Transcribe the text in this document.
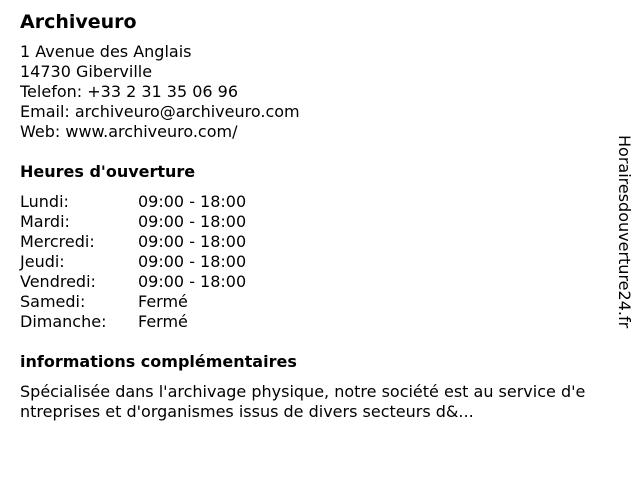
Archiveuro
1 Avenue des Anglais
14730 Giberville
Telefon: +33 2 31 35 06 96
Email: archiveuro@archiveuro.com
Web: www.archiveuro.com/
Heures d'ouverture
Lundi:	09:00 - 18:00
Mardi:	09:00 - 18:00
Mercredi:	09:00 - 18:00
Jeudi:	09:00 - 18:00
Vendredi:	09:00 - 18:00
Samedi:	Fermé
Dimanche:	Fermé
informations complémentaires
Spécialisée dans l'archivage physique, notre société est au service d'entreprises et d'organismes issus de divers secteurs d&...
Horairesdouverture24.fr
